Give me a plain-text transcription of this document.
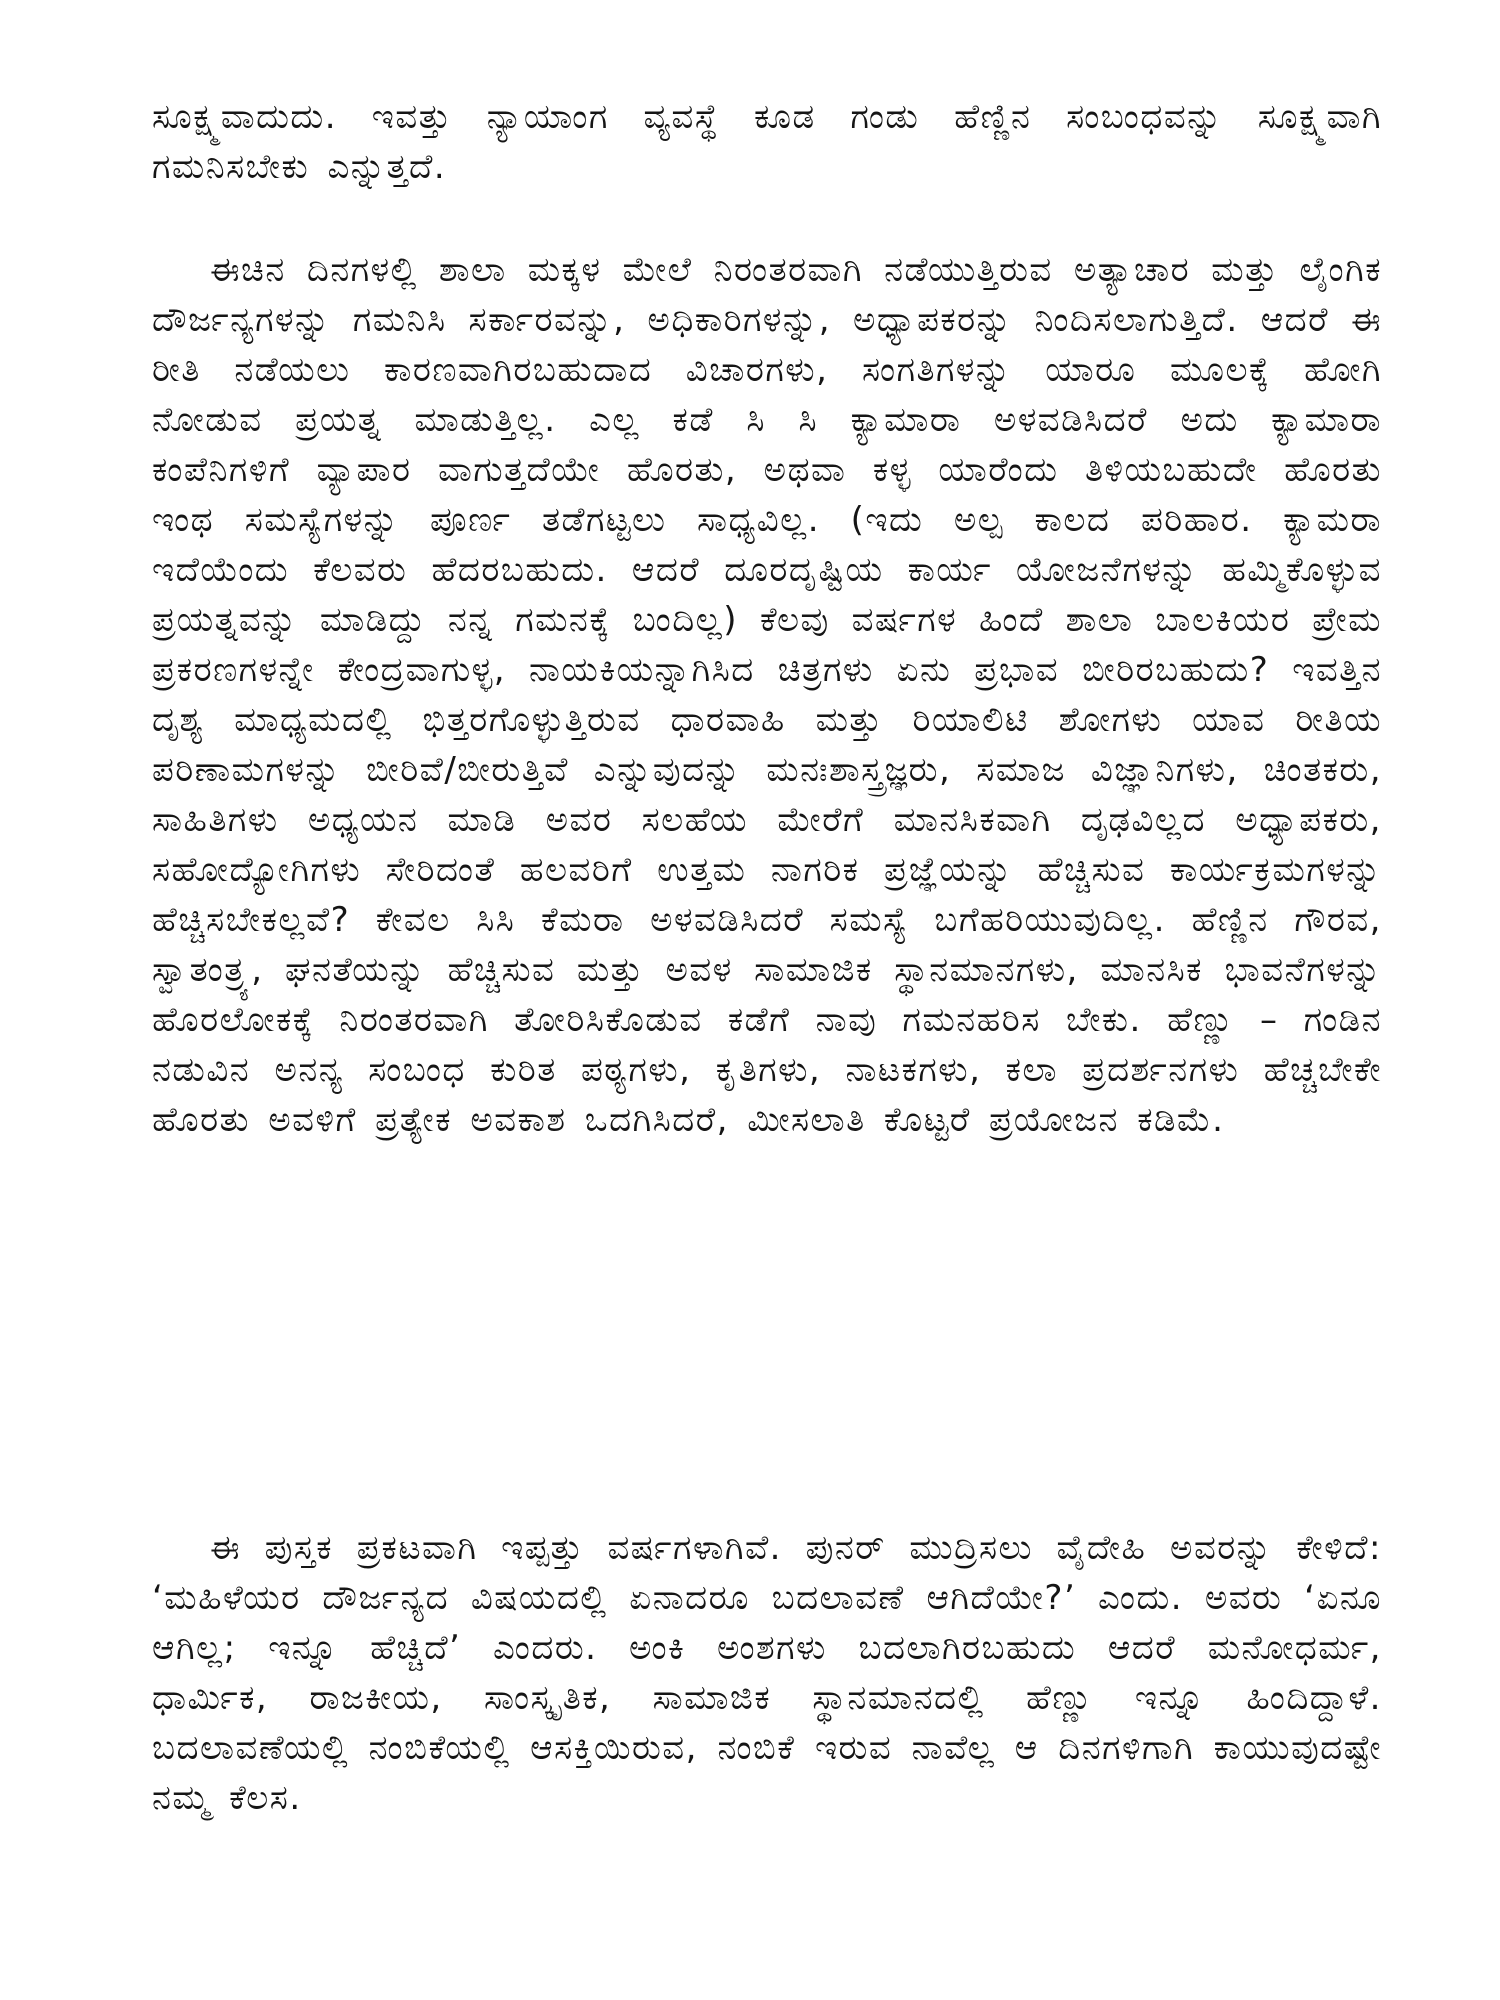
ಸೂಕ್ಷ್ಮವಾದುದು. ಇವತ್ತು ನ್ಯಾಯಾಂಗ ವ್ಯವಸ್ಥೆ ಕೂಡ ಗಂಡು ಹೆಣ್ಣಿನ ಸಂಬಂಧವನ್ನು ಸೂಕ್ಷ್ಮವಾಗಿ ಗಮನಿಸಬೇಕು ಎನ್ನುತ್ತದೆ.

ಈಚಿನ ದಿನಗಳಲ್ಲಿ ಶಾಲಾ ಮಕ್ಕಳ ಮೇಲೆ ನಿರಂತರವಾಗಿ ನಡೆಯುತ್ತಿರುವ ಅತ್ಯಾಚಾರ ಮತ್ತು ಲೈಂಗಿಕ ದೌರ್ಜನ್ಯಗಳನ್ನು ಗಮನಿಸಿ ಸರ್ಕಾರವನ್ನು, ಅಧಿಕಾರಿಗಳನ್ನು, ಅಧ್ಯಾಪಕರನ್ನು ನಿಂದಿಸಲಾಗುತ್ತಿದೆ. ಆದರೆ ಈ ರೀತಿ ನಡೆಯಲು ಕಾರಣವಾಗಿರಬಹುದಾದ ವಿಚಾರಗಳು, ಸಂಗತಿಗಳನ್ನು ಯಾರೂ ಮೂಲಕ್ಕೆ ಹೋಗಿ ನೋಡುವ ಪ್ರಯತ್ನ ಮಾಡುತ್ತಿಲ್ಲ. ಎಲ್ಲ ಕಡೆ ಸಿ ಸಿ ಕ್ಯಾಮಾರಾ ಅಳವಡಿಸಿದರೆ ಅದು ಕ್ಯಾಮಾರಾ ಕಂಪೆನಿಗಳಿಗೆ ವ್ಯಾಪಾರ ವಾಗುತ್ತದೆಯೇ ಹೊರತು, ಅಥವಾ ಕಳ್ಳ ಯಾರೆಂದು ತಿಳಿಯಬಹುದೇ ಹೊರತು ಇಂಥ ಸಮಸ್ಯೆಗಳನ್ನು ಪೂರ್ಣ ತಡೆಗಟ್ಟಲು ಸಾಧ್ಯವಿಲ್ಲ. (ಇದು ಅಲ್ಪ ಕಾಲದ ಪರಿಹಾರ. ಕ್ಯಾಮರಾ ಇದೆಯೆಂದು ಕೆಲವರು ಹೆದರಬಹುದು. ಆದರೆ ದೂರದೃಷ್ಟಿಯ ಕಾರ್ಯ ಯೋಜನೆಗಳನ್ನು ಹಮ್ಮಿಕೊಳ್ಳುವ ಪ್ರಯತ್ನವನ್ನು ಮಾಡಿದ್ದು ನನ್ನ ಗಮನಕ್ಕೆ ಬಂದಿಲ್ಲ) ಕೆಲವು ವರ್ಷಗಳ ಹಿಂದೆ ಶಾಲಾ ಬಾಲಕಿಯರ ಪ್ರೇಮ ಪ್ರಕರಣಗಳನ್ನೇ ಕೇಂದ್ರವಾಗುಳ್ಳ, ನಾಯಕಿಯನ್ನಾಗಿಸಿದ ಚಿತ್ರಗಳು ಏನು ಪ್ರಭಾವ ಬೀರಿರಬಹುದು? ಇವತ್ತಿನ ದೃಶ್ಯ ಮಾಧ್ಯಮದಲ್ಲಿ ಭಿತ್ತರಗೊಳ್ಳುತ್ತಿರುವ ಧಾರವಾಹಿ ಮತ್ತು ರಿಯಾಲಿಟಿ ಶೋಗಳು ಯಾವ ರೀತಿಯ ಪರಿಣಾಮಗಳನ್ನು ಬೀರಿವೆ/ಬೀರುತ್ತಿವೆ ಎನ್ನುವುದನ್ನು ಮನಃಶಾಸ್ತ್ರಜ್ಞರು, ಸಮಾಜ ವಿಜ್ಞಾನಿಗಳು, ಚಿಂತಕರು, ಸಾಹಿತಿಗಳು ಅಧ್ಯಯನ ಮಾಡಿ ಅವರ ಸಲಹೆಯ ಮೇರೆಗೆ ಮಾನಸಿಕವಾಗಿ ದೃಢವಿಲ್ಲದ ಅಧ್ಯಾಪಕರು, ಸಹೋದ್ಯೋಗಿಗಳು ಸೇರಿದಂತೆ ಹಲವರಿಗೆ ಉತ್ತಮ ನಾಗರಿಕ ಪ್ರಜ್ಞೆಯನ್ನು ಹೆಚ್ಚಿಸುವ ಕಾರ್ಯಕ್ರಮಗಳನ್ನು ಹೆಚ್ಚಿಸಬೇಕಲ್ಲವೆ? ಕೇವಲ ಸಿಸಿ ಕೆಮರಾ ಅಳವಡಿಸಿದರೆ ಸಮಸ್ಯೆ ಬಗೆಹರಿಯುವುದಿಲ್ಲ. ಹೆಣ್ಣಿನ ಗೌರವ, ಸ್ವಾತಂತ್ರ್ಯ, ಘನತೆಯನ್ನು ಹೆಚ್ಚಿಸುವ ಮತ್ತು ಅವಳ ಸಾಮಾಜಿಕ ಸ್ಥಾನಮಾನಗಳು, ಮಾನಸಿಕ ಭಾವನೆಗಳನ್ನು ಹೊರಲೋಕಕ್ಕೆ ನಿರಂತರವಾಗಿ ತೋರಿಸಿಕೊಡುವ ಕಡೆಗೆ ನಾವು ಗಮನಹರಿಸ ಬೇಕು. ಹೆಣ್ಣು – ಗಂಡಿನ ನಡುವಿನ ಅನನ್ಯ ಸಂಬಂಧ ಕುರಿತ ಪಠ್ಯಗಳು, ಕೃತಿಗಳು, ನಾಟಕಗಳು, ಕಲಾ ಪ್ರದರ್ಶನಗಳು ಹೆಚ್ಚಬೇಕೇ ಹೊರತು ಅವಳಿಗೆ ಪ್ರತ್ಯೇಕ ಅವಕಾಶ ಒದಗಿಸಿದರೆ, ಮೀಸಲಾತಿ ಕೊಟ್ಟರೆ ಪ್ರಯೋಜನ ಕಡಿಮೆ.

ಈ ಪುಸ್ತಕ ಪ್ರಕಟವಾಗಿ ಇಪ್ಪತ್ತು ವರ್ಷಗಳಾಗಿವೆ. ಪುನರ್ ಮುದ್ರಿಸಲು ವೈದೇಹಿ ಅವರನ್ನು ಕೇಳಿದೆ: ‘ಮಹಿಳೆಯರ ದೌರ್ಜನ್ಯದ ವಿಷಯದಲ್ಲಿ ಏನಾದರೂ ಬದಲಾವಣೆ ಆಗಿದೆಯೇ?’ ಎಂದು. ಅವರು ‘ಏನೂ ಆಗಿಲ್ಲ; ಇನ್ನೂ ಹೆಚ್ಚಿದೆ’ ಎಂದರು. ಅಂಕಿ ಅಂಶಗಳು ಬದಲಾಗಿರಬಹುದು ಆದರೆ ಮನೋಧರ್ಮ, ಧಾರ್ಮಿಕ, ರಾಜಕೀಯ, ಸಾಂಸ್ಕೃತಿಕ, ಸಾಮಾಜಿಕ ಸ್ಥಾನಮಾನದಲ್ಲಿ ಹೆಣ್ಣು ಇನ್ನೂ ಹಿಂದಿದ್ದಾಳೆ. ಬದಲಾವಣೆಯಲ್ಲಿ ನಂಬಿಕೆಯಲ್ಲಿ ಆಸಕ್ತಿಯಿರುವ, ನಂಬಿಕೆ ಇರುವ ನಾವೆಲ್ಲ ಆ ದಿನಗಳಿಗಾಗಿ ಕಾಯುವುದಷ್ಟೇ ನಮ್ಮ ಕೆಲಸ.
